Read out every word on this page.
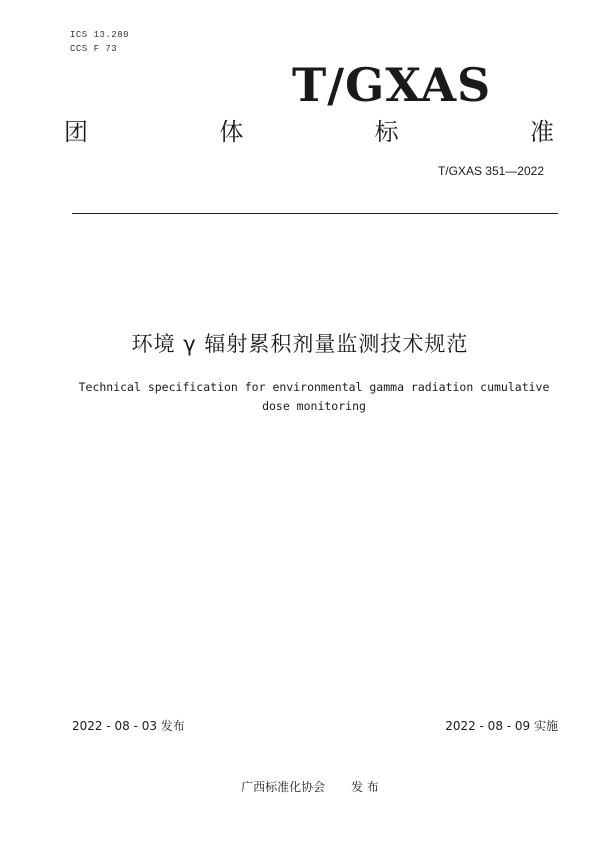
ICS 13.280
CCS F 73
T/GXAS
团	体	标	准
T/GXAS 351—2022
环境 γ 辐射累积剂量监测技术规范
Technical specification for environmental gamma radiation cumulative
dose monitoring
2022 - 08 - 03 发布	2022 - 08 - 09 实施
广西标准化协会 发 布
